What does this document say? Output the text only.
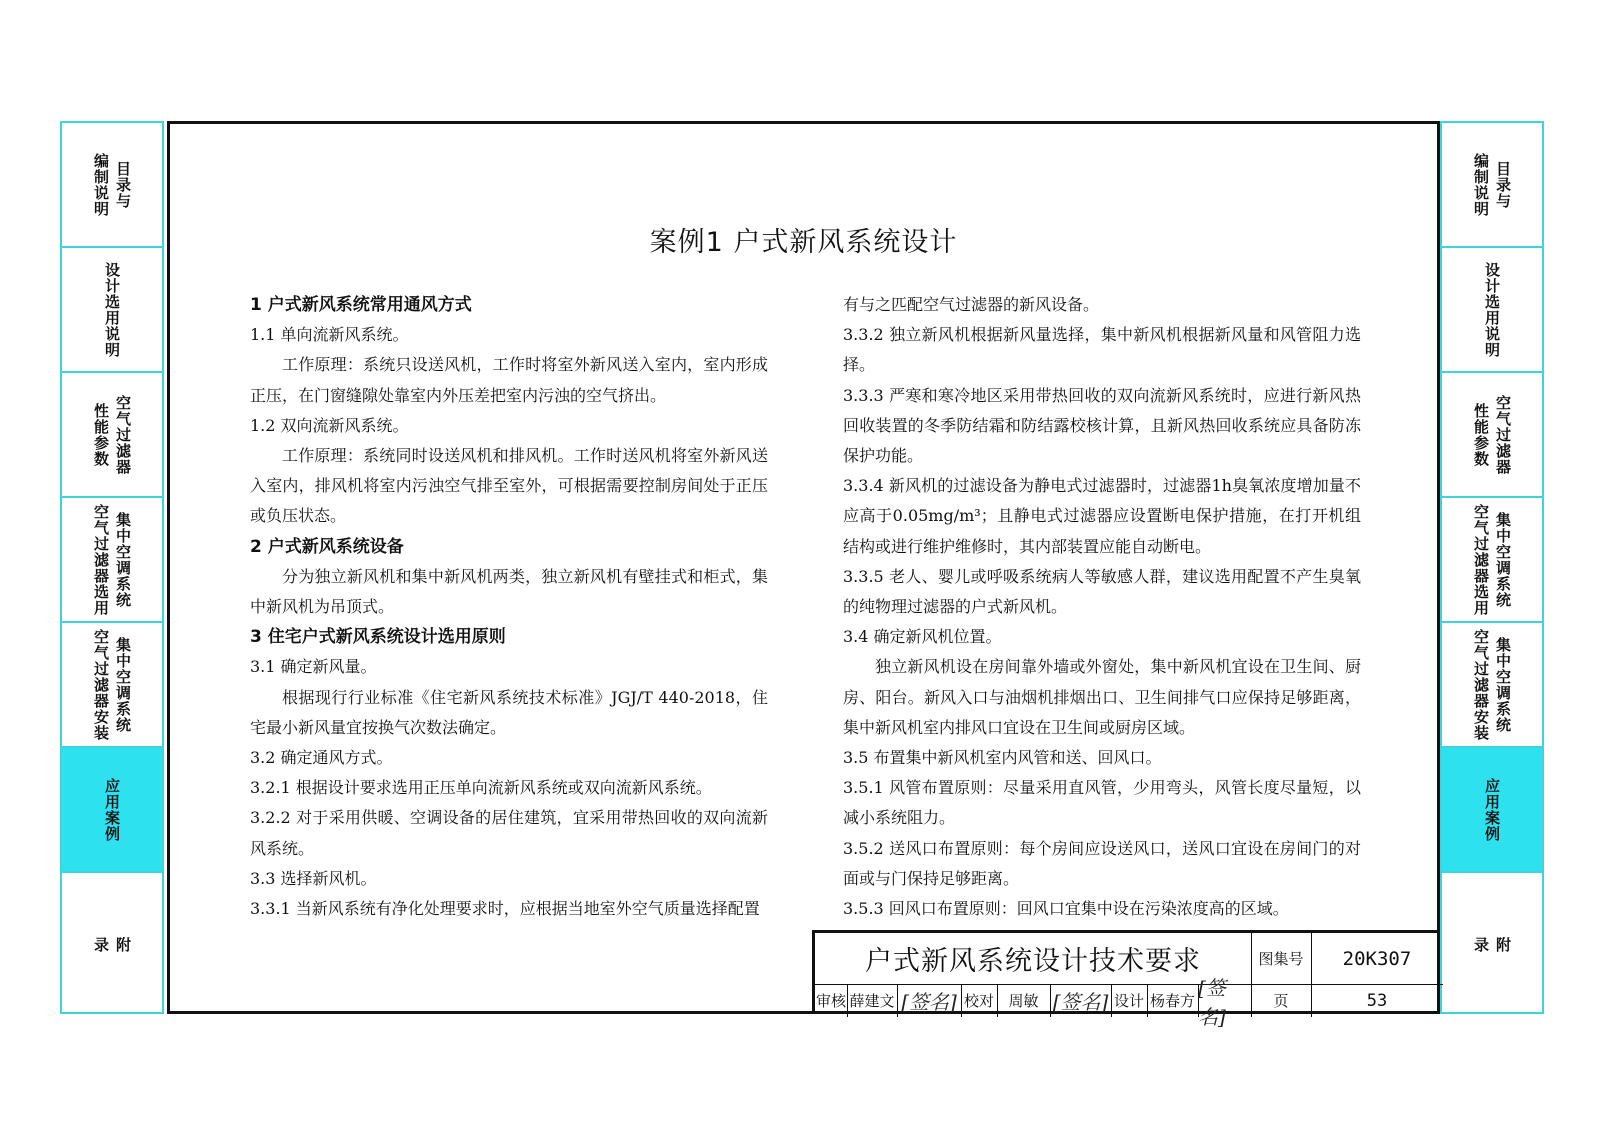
目录与
编制说明
设计选用说明
空气过滤器
性能参数
集中空调系统
空气过滤器选用
集中空调系统
空气过滤器安装
应用案例
附
录
目录与
编制说明
设计选用说明
空气过滤器
性能参数
集中空调系统
空气过滤器选用
集中空调系统
空气过滤器安装
应用案例
附
录
案例1 户式新风系统设计

1 户式新风系统常用通风方式

1.1 单向流新风系统。

工作原理：系统只设送风机，工作时将室外新风送入室内，室内形成正压，在门窗缝隙处靠室内外压差把室内污浊的空气挤出。

1.2 双向流新风系统。

工作原理：系统同时设送风机和排风机。工作时送风机将室外新风送入室内，排风机将室内污浊空气排至室外，可根据需要控制房间处于正压或负压状态。

2 户式新风系统设备

分为独立新风机和集中新风机两类，独立新风机有壁挂式和柜式，集中新风机为吊顶式。

3 住宅户式新风系统设计选用原则

3.1 确定新风量。

根据现行行业标准《住宅新风系统技术标准》JGJ/T 440-2018，住宅最小新风量宜按换气次数法确定。

3.2 确定通风方式。

3.2.1 根据设计要求选用正压单向流新风系统或双向流新风系统。

3.2.2 对于采用供暖、空调设备的居住建筑，宜采用带热回收的双向流新风系统。

3.3 选择新风机。

3.3.1 当新风系统有净化处理要求时，应根据当地室外空气质量选择配置

有与之匹配空气过滤器的新风设备。

3.3.2 独立新风机根据新风量选择，集中新风机根据新风量和风管阻力选择。

3.3.3 严寒和寒冷地区采用带热回收的双向流新风系统时，应进行新风热回收装置的冬季防结霜和防结露校核计算，且新风热回收系统应具备防冻保护功能。

3.3.4 新风机的过滤设备为静电式过滤器时，过滤器1h臭氧浓度增加量不应高于0.05mg/m³；且静电式过滤器应设置断电保护措施，在打开机组结构或进行维护维修时，其内部装置应能自动断电。

3.3.5 老人、婴儿或呼吸系统病人等敏感人群，建议选用配置不产生臭氧的纯物理过滤器的户式新风机。

3.4 确定新风机位置。

独立新风机设在房间靠外墙或外窗处，集中新风机宜设在卫生间、厨房、阳台。新风入口与油烟机排烟出口、卫生间排气口应保持足够距离，集中新风机室内排风口宜设在卫生间或厨房区域。

3.5 布置集中新风机室内风管和送、回风口。

3.5.1 风管布置原则：尽量采用直风管，少用弯头，风管长度尽量短，以减小系统阻力。

3.5.2 送风口布置原则：每个房间应设送风口，送风口宜设在房间门的对面或与门保持足够距离。

3.5.3 回风口布置原则：回风口宜集中设在污染浓度高的区域。

户式新风系统设计技术要求	图集号 20K307
审核 薛建文 [签名] 校对 周敏 [签名] 设计 杨春方
[签名]
页	53
